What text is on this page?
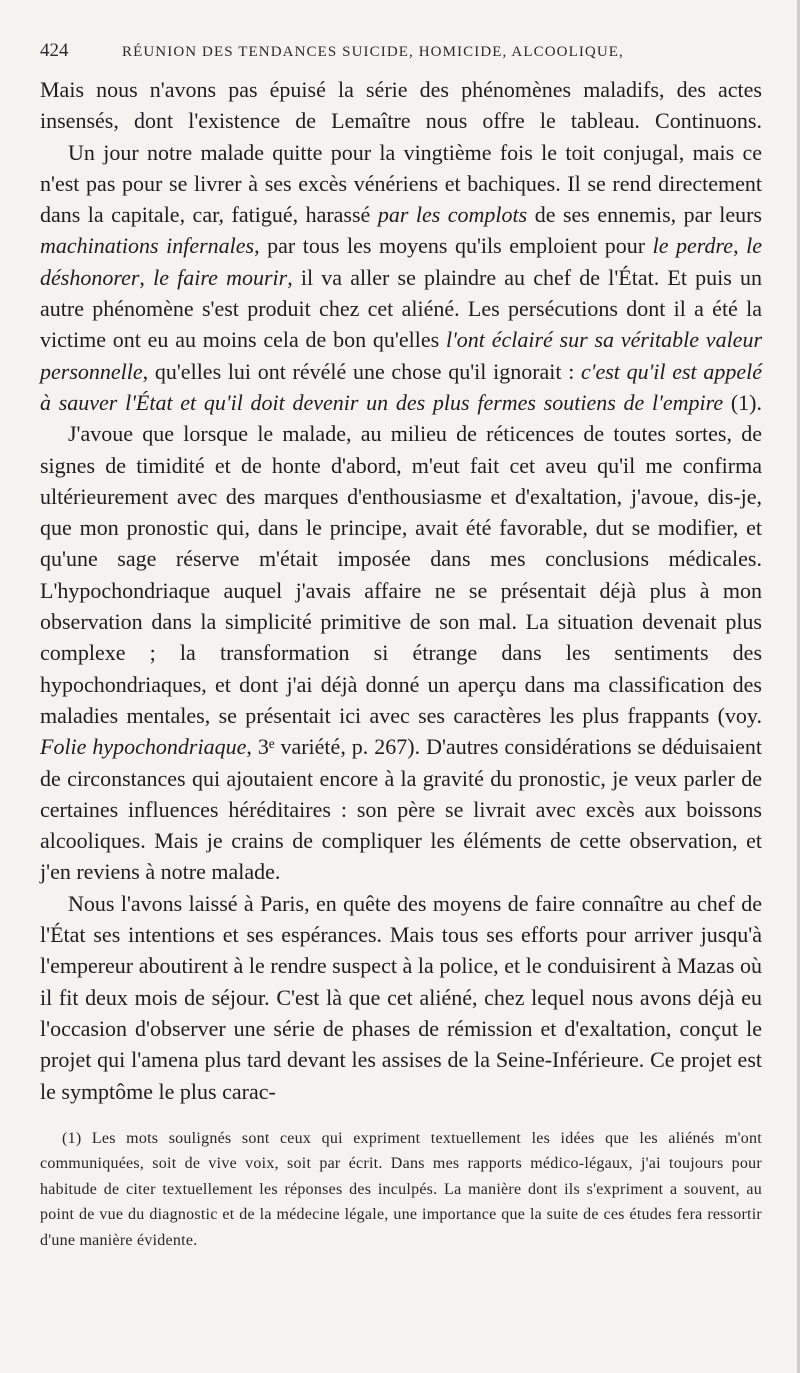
424	RÉUNION DES TENDANCES SUICIDE, HOMICIDE, ALCOOLIQUE,

Mais nous n'avons pas épuisé la série des phénomènes maladifs, des actes insensés, dont l'existence de Lemaître nous offre le tableau. Continuons.

Un jour notre malade quitte pour la vingtième fois le toit conjugal, mais ce n'est pas pour se livrer à ses excès vénériens et bachiques. Il se rend directement dans la capitale, car, fatigué, harassé par les complots de ses ennemis, par leurs machinations infernales, par tous les moyens qu'ils emploient pour le perdre, le déshonorer, le faire mourir, il va aller se plaindre au chef de l'État. Et puis un autre phénomène s'est produit chez cet aliéné. Les persécutions dont il a été la victime ont eu au moins cela de bon qu'elles l'ont éclairé sur sa véritable valeur personnelle, qu'elles lui ont révélé une chose qu'il ignorait : c'est qu'il est appelé à sauver l'État et qu'il doit devenir un des plus fermes soutiens de l'empire (1).

J'avoue que lorsque le malade, au milieu de réticences de toutes sortes, de signes de timidité et de honte d'abord, m'eut fait cet aveu qu'il me confirma ultérieurement avec des marques d'enthousiasme et d'exaltation, j'avoue, dis-je, que mon pronostic qui, dans le principe, avait été favorable, dut se modifier, et qu'une sage réserve m'était imposée dans mes conclusions médicales. L'hypochondriaque auquel j'avais affaire ne se présentait déjà plus à mon observation dans la simplicité primitive de son mal. La situation devenait plus complexe ; la transformation si étrange dans les sentiments des hypochondriaques, et dont j'ai déjà donné un aperçu dans ma classification des maladies mentales, se présentait ici avec ses caractères les plus frappants (voy. Folie hypochondriaque, 3ᵉ variété, p. 267). D'autres considérations se déduisaient de circonstances qui ajoutaient encore à la gravité du pronostic, je veux parler de certaines influences héréditaires : son père se livrait avec excès aux boissons alcooliques. Mais je crains de compliquer les éléments de cette observation, et j'en reviens à notre malade.

Nous l'avons laissé à Paris, en quête des moyens de faire connaître au chef de l'État ses intentions et ses espérances. Mais tous ses efforts pour arriver jusqu'à l'empereur aboutirent à le rendre suspect à la police, et le conduisirent à Mazas où il fit deux mois de séjour. C'est là que cet aliéné, chez lequel nous avons déjà eu l'occasion d'observer une série de phases de rémission et d'exaltation, conçut le projet qui l'amena plus tard devant les assises de la Seine-Inférieure. Ce projet est le symptôme le plus carac-

(1) Les mots soulignés sont ceux qui expriment textuellement les idées que les aliénés m'ont communiquées, soit de vive voix, soit par écrit. Dans mes rapports médico-légaux, j'ai toujours pour habitude de citer textuellement les réponses des inculpés. La manière dont ils s'expriment a souvent, au point de vue du diagnostic et de la médecine légale, une importance que la suite de ces études fera ressortir d'une manière évidente.
